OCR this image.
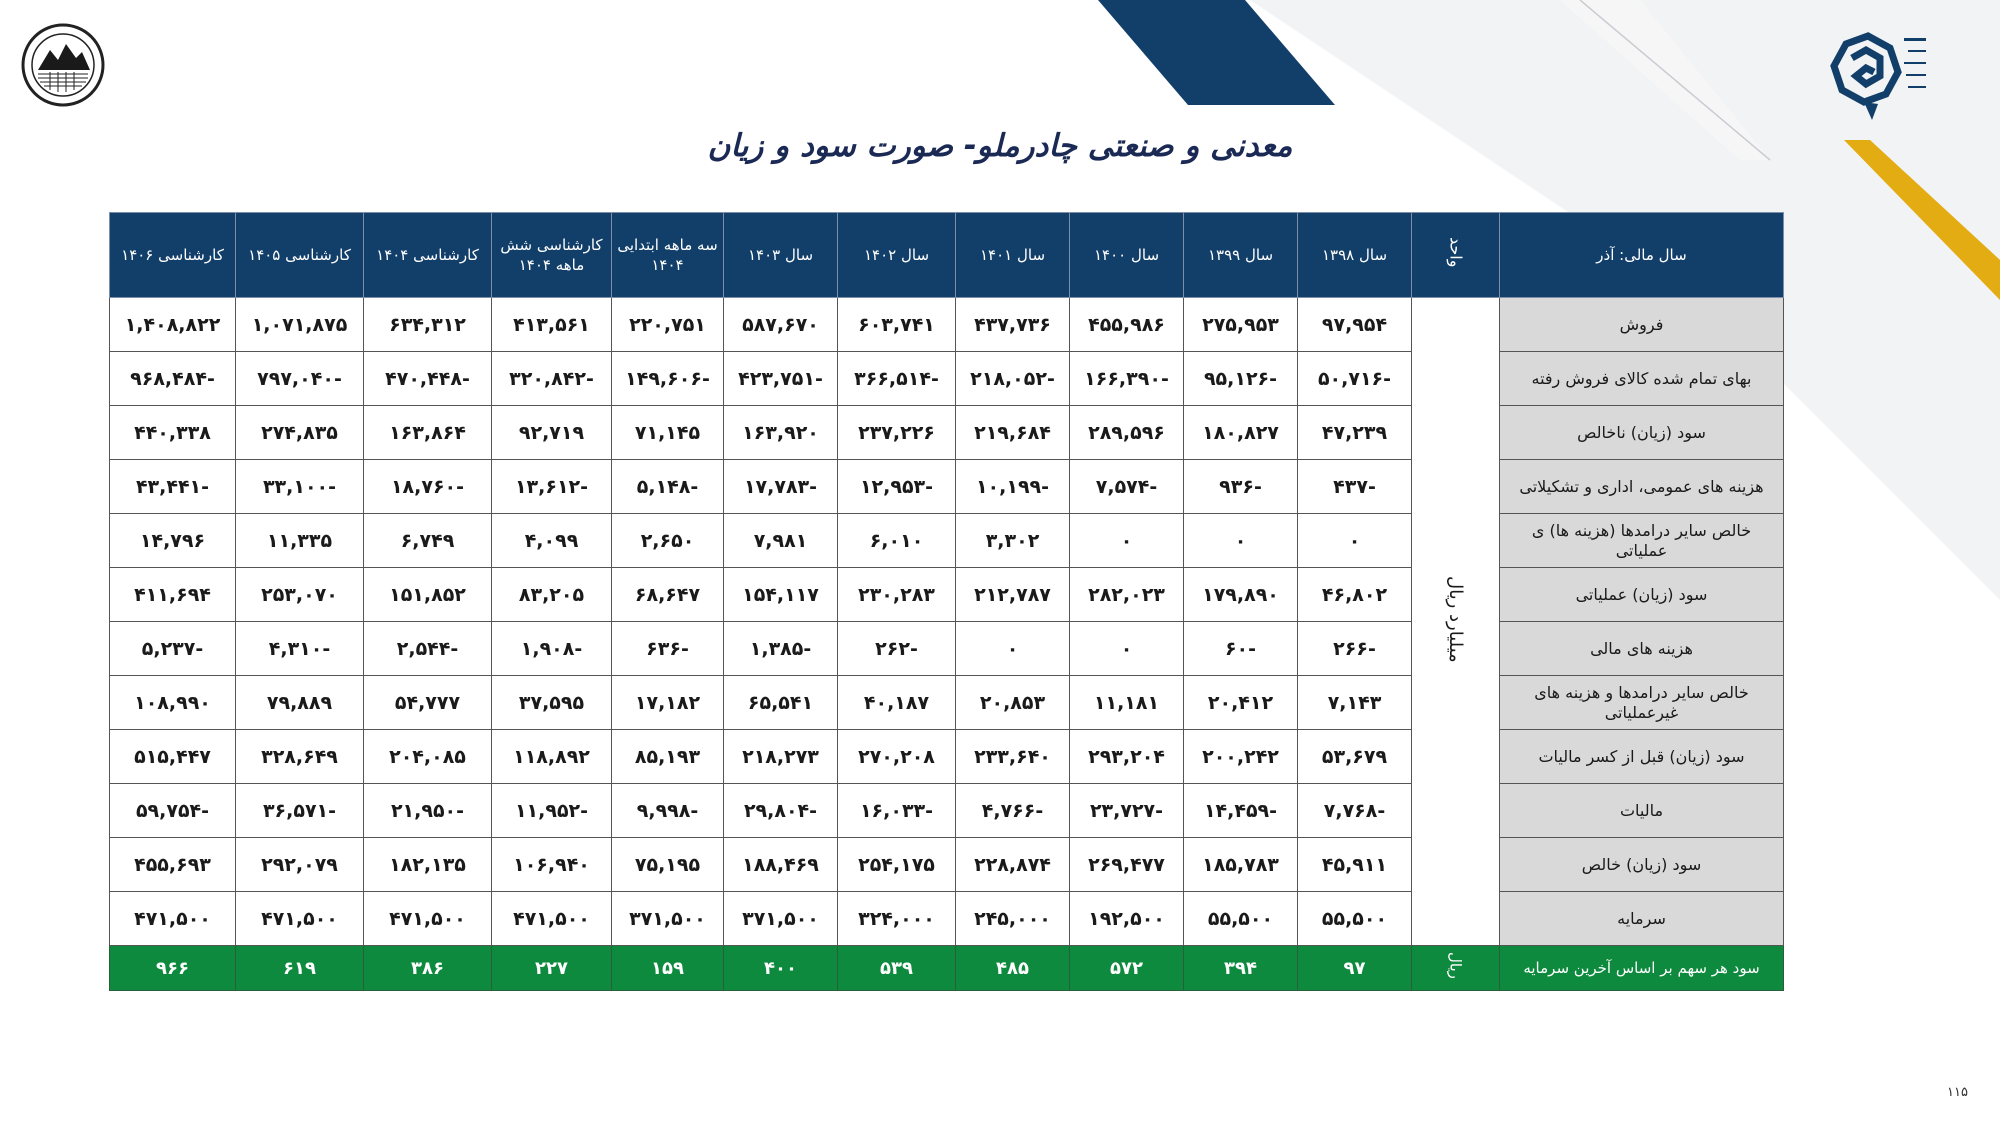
معدنی و صنعتی چادرملو- صورت سود و زیان
سال مالی: آذر	واحد	سال ۱۳۹۸	سال ۱۳۹۹	سال ۱۴۰۰	سال ۱۴۰۱	سال ۱۴۰۲	سال ۱۴۰۳	سه ماهه ابتدایی ۱۴۰۴	کارشناسی شش ماهه ۱۴۰۴	کارشناسی ۱۴۰۴	کارشناسی ۱۴۰۵	کارشناسی ۱۴۰۶
فروش	میلیارد ریال	۹۷,۹۵۴	۲۷۵,۹۵۳	۴۵۵,۹۸۶	۴۳۷,۷۳۶	۶۰۳,۷۴۱	۵۸۷,۶۷۰	۲۲۰,۷۵۱	۴۱۳,۵۶۱	۶۳۴,۳۱۲	۱,۰۷۱,۸۷۵	۱,۴۰۸,۸۲۲
بهای تمام شده کالای فروش رفته		-۵۰,۷۱۶	-۹۵,۱۲۶	-۱۶۶,۳۹۰	-۲۱۸,۰۵۲	-۳۶۶,۵۱۴	-۴۲۳,۷۵۱	-۱۴۹,۶۰۶	-۳۲۰,۸۴۲	-۴۷۰,۴۴۸	-۷۹۷,۰۴۰	-۹۶۸,۴۸۴
سود (زیان) ناخالص		۴۷,۲۳۹	۱۸۰,۸۲۷	۲۸۹,۵۹۶	۲۱۹,۶۸۴	۲۳۷,۲۲۶	۱۶۳,۹۲۰	۷۱,۱۴۵	۹۲,۷۱۹	۱۶۳,۸۶۴	۲۷۴,۸۳۵	۴۴۰,۳۳۸
هزینه های عمومی، اداری و تشکیلاتی		-۴۳۷	-۹۳۶	-۷,۵۷۴	-۱۰,۱۹۹	-۱۲,۹۵۳	-۱۷,۷۸۳	-۵,۱۴۸	-۱۳,۶۱۲	-۱۸,۷۶۰	-۳۳,۱۰۰	-۴۳,۴۴۱
خالص سایر درامدها (هزینه ها) ی عملیاتی		۰	۰	۰	۳,۳۰۲	۶,۰۱۰	۷,۹۸۱	۲,۶۵۰	۴,۰۹۹	۶,۷۴۹	۱۱,۳۳۵	۱۴,۷۹۶
سود (زیان) عملیاتی		۴۶,۸۰۲	۱۷۹,۸۹۰	۲۸۲,۰۲۳	۲۱۲,۷۸۷	۲۳۰,۲۸۳	۱۵۴,۱۱۷	۶۸,۶۴۷	۸۳,۲۰۵	۱۵۱,۸۵۲	۲۵۳,۰۷۰	۴۱۱,۶۹۴
هزینه های مالی		-۲۶۶	-۶۰	۰	۰	-۲۶۲	-۱,۳۸۵	-۶۳۶	-۱,۹۰۸	-۲,۵۴۴	-۴,۳۱۰	-۵,۲۳۷
خالص سایر درامدها و هزینه های غیرعملیاتی		۷,۱۴۳	۲۰,۴۱۲	۱۱,۱۸۱	۲۰,۸۵۳	۴۰,۱۸۷	۶۵,۵۴۱	۱۷,۱۸۲	۳۷,۵۹۵	۵۴,۷۷۷	۷۹,۸۸۹	۱۰۸,۹۹۰
سود (زیان) قبل از کسر مالیات		۵۳,۶۷۹	۲۰۰,۲۴۲	۲۹۳,۲۰۴	۲۳۳,۶۴۰	۲۷۰,۲۰۸	۲۱۸,۲۷۳	۸۵,۱۹۳	۱۱۸,۸۹۲	۲۰۴,۰۸۵	۳۲۸,۶۴۹	۵۱۵,۴۴۷
مالیات		-۷,۷۶۸	-۱۴,۴۵۹	-۲۳,۷۲۷	-۴,۷۶۶	-۱۶,۰۳۳	-۲۹,۸۰۴	-۹,۹۹۸	-۱۱,۹۵۲	-۲۱,۹۵۰	-۳۶,۵۷۱	-۵۹,۷۵۴
سود (زیان) خالص		۴۵,۹۱۱	۱۸۵,۷۸۳	۲۶۹,۴۷۷	۲۲۸,۸۷۴	۲۵۴,۱۷۵	۱۸۸,۴۶۹	۷۵,۱۹۵	۱۰۶,۹۴۰	۱۸۲,۱۳۵	۲۹۲,۰۷۹	۴۵۵,۶۹۳
سرمایه		۵۵,۵۰۰	۵۵,۵۰۰	۱۹۲,۵۰۰	۲۴۵,۰۰۰	۳۲۴,۰۰۰	۳۷۱,۵۰۰	۳۷۱,۵۰۰	۴۷۱,۵۰۰	۴۷۱,۵۰۰	۴۷۱,۵۰۰	۴۷۱,۵۰۰
سود هر سهم بر اساس آخرین سرمایه	ریال	۹۷	۳۹۴	۵۷۲	۴۸۵	۵۳۹	۴۰۰	۱۵۹	۲۲۷	۳۸۶	۶۱۹	۹۶۶
۱۱۵
